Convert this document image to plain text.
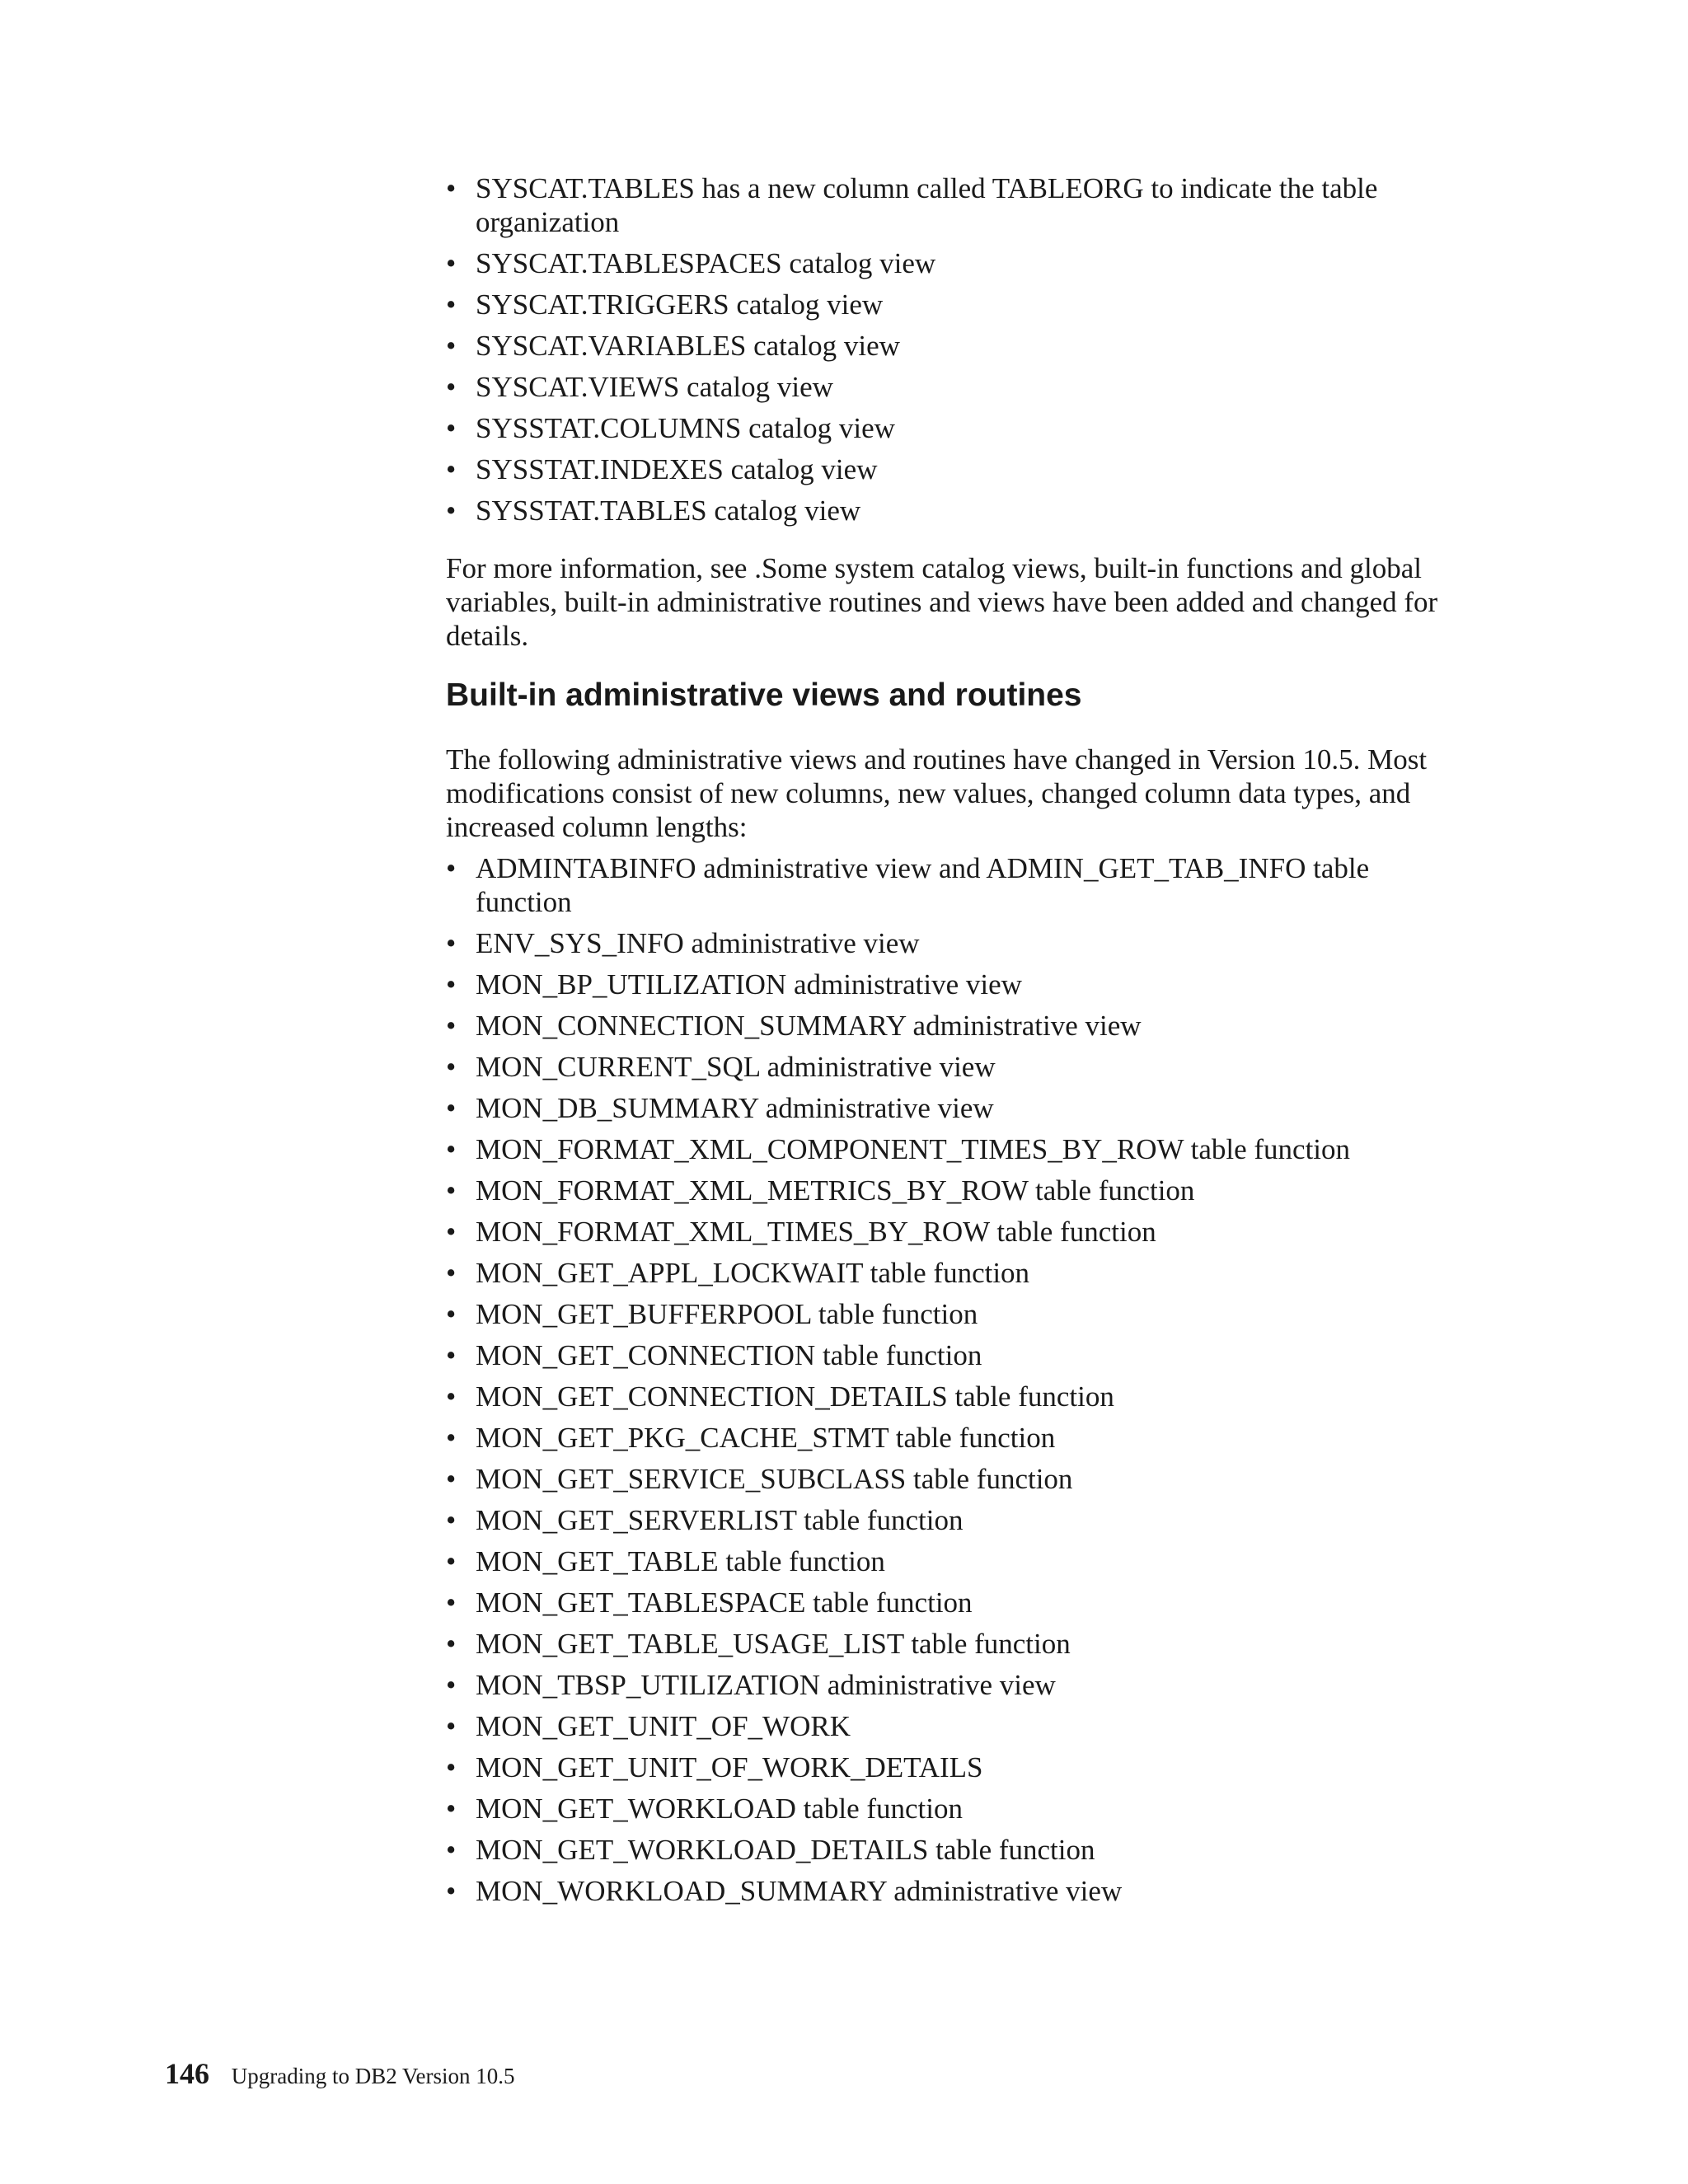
• SYSCAT.TABLES has a new column called TABLEORG to indicate the table organization
• SYSCAT.TABLESPACES catalog view
• SYSCAT.TRIGGERS catalog view
• SYSCAT.VARIABLES catalog view
• SYSCAT.VIEWS catalog view
• SYSSTAT.COLUMNS catalog view
• SYSSTAT.INDEXES catalog view
• SYSSTAT.TABLES catalog view

For more information, see .Some system catalog views, built-in functions and global variables, built-in administrative routines and views have been added and changed for details.

Built-in administrative views and routines

The following administrative views and routines have changed in Version 10.5. Most modifications consist of new columns, new values, changed column data types, and increased column lengths:

• ADMINTABINFO administrative view and ADMIN_GET_TAB_INFO table function
• ENV_SYS_INFO administrative view
• MON_BP_UTILIZATION administrative view
• MON_CONNECTION_SUMMARY administrative view
• MON_CURRENT_SQL administrative view
• MON_DB_SUMMARY administrative view
• MON_FORMAT_XML_COMPONENT_TIMES_BY_ROW table function
• MON_FORMAT_XML_METRICS_BY_ROW table function
• MON_FORMAT_XML_TIMES_BY_ROW table function
• MON_GET_APPL_LOCKWAIT table function
• MON_GET_BUFFERPOOL table function
• MON_GET_CONNECTION table function
• MON_GET_CONNECTION_DETAILS table function
• MON_GET_PKG_CACHE_STMT table function
• MON_GET_SERVICE_SUBCLASS table function
• MON_GET_SERVERLIST table function
• MON_GET_TABLE table function
• MON_GET_TABLESPACE table function
• MON_GET_TABLE_USAGE_LIST table function
• MON_TBSP_UTILIZATION administrative view
• MON_GET_UNIT_OF_WORK
• MON_GET_UNIT_OF_WORK_DETAILS
• MON_GET_WORKLOAD table function
• MON_GET_WORKLOAD_DETAILS table function
• MON_WORKLOAD_SUMMARY administrative view
146 Upgrading to DB2 Version 10.5
